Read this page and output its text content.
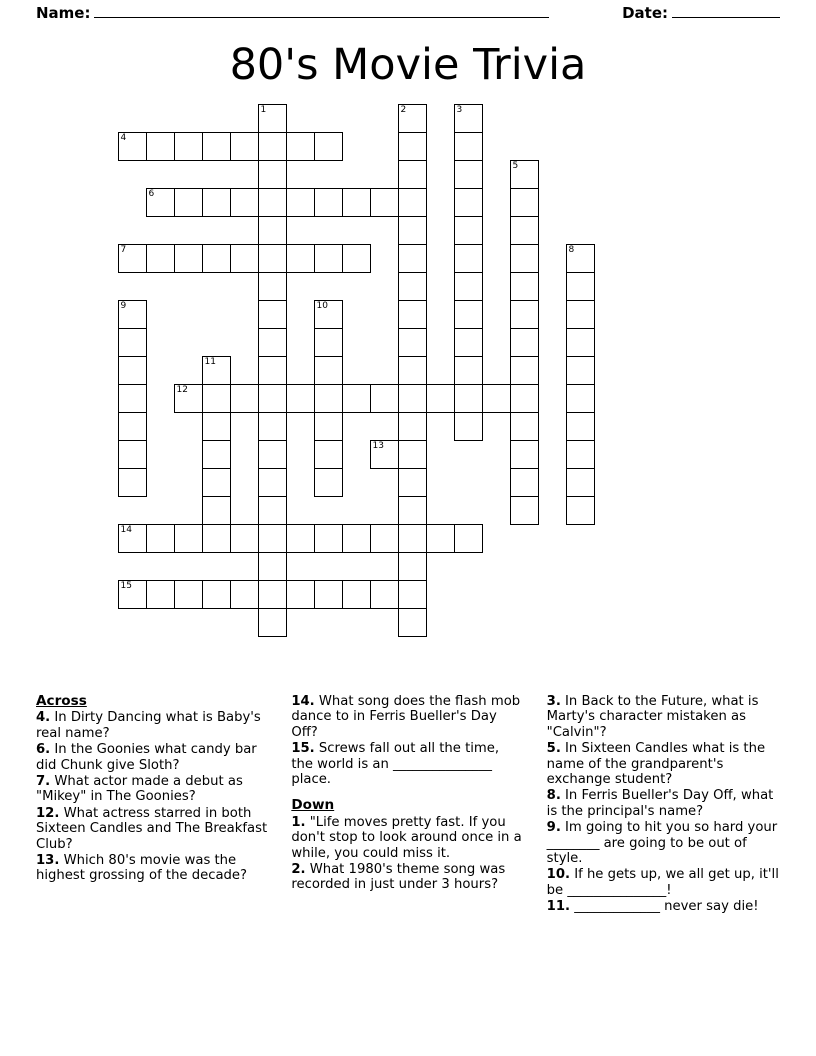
Name:	Date:
80's Movie Trivia
1	2	3
4
5
6
7	8
9	10
11
12
13
14
15
Across
4. In Dirty Dancing what is Baby's real name?
6. In the Goonies what candy bar did Chunk give Sloth?
7. What actor made a debut as "Mikey" in The Goonies?
12. What actress starred in both Sixteen Candles and The Breakfast Club?
13. Which 80's movie was the highest grossing of the decade?
14. What song does the flash mob dance to in Ferris Bueller's Day Off?
15. Screws fall out all the time, the world is an _______________ place.
Down
1. "Life moves pretty fast. If you don't stop to look around once in a while, you could miss it.
2. What 1980's theme song was recorded in just under 3 hours?
3. In Back to the Future, what is Marty's character mistaken as "Calvin"?
5. In Sixteen Candles what is the name of the grandparent's exchange student?
8. In Ferris Bueller's Day Off, what is the principal's name?
9. Im going to hit you so hard your ________ are going to be out of style.
10. If he gets up, we all get up, it'll be _______________!
11. _____________ never say die!
